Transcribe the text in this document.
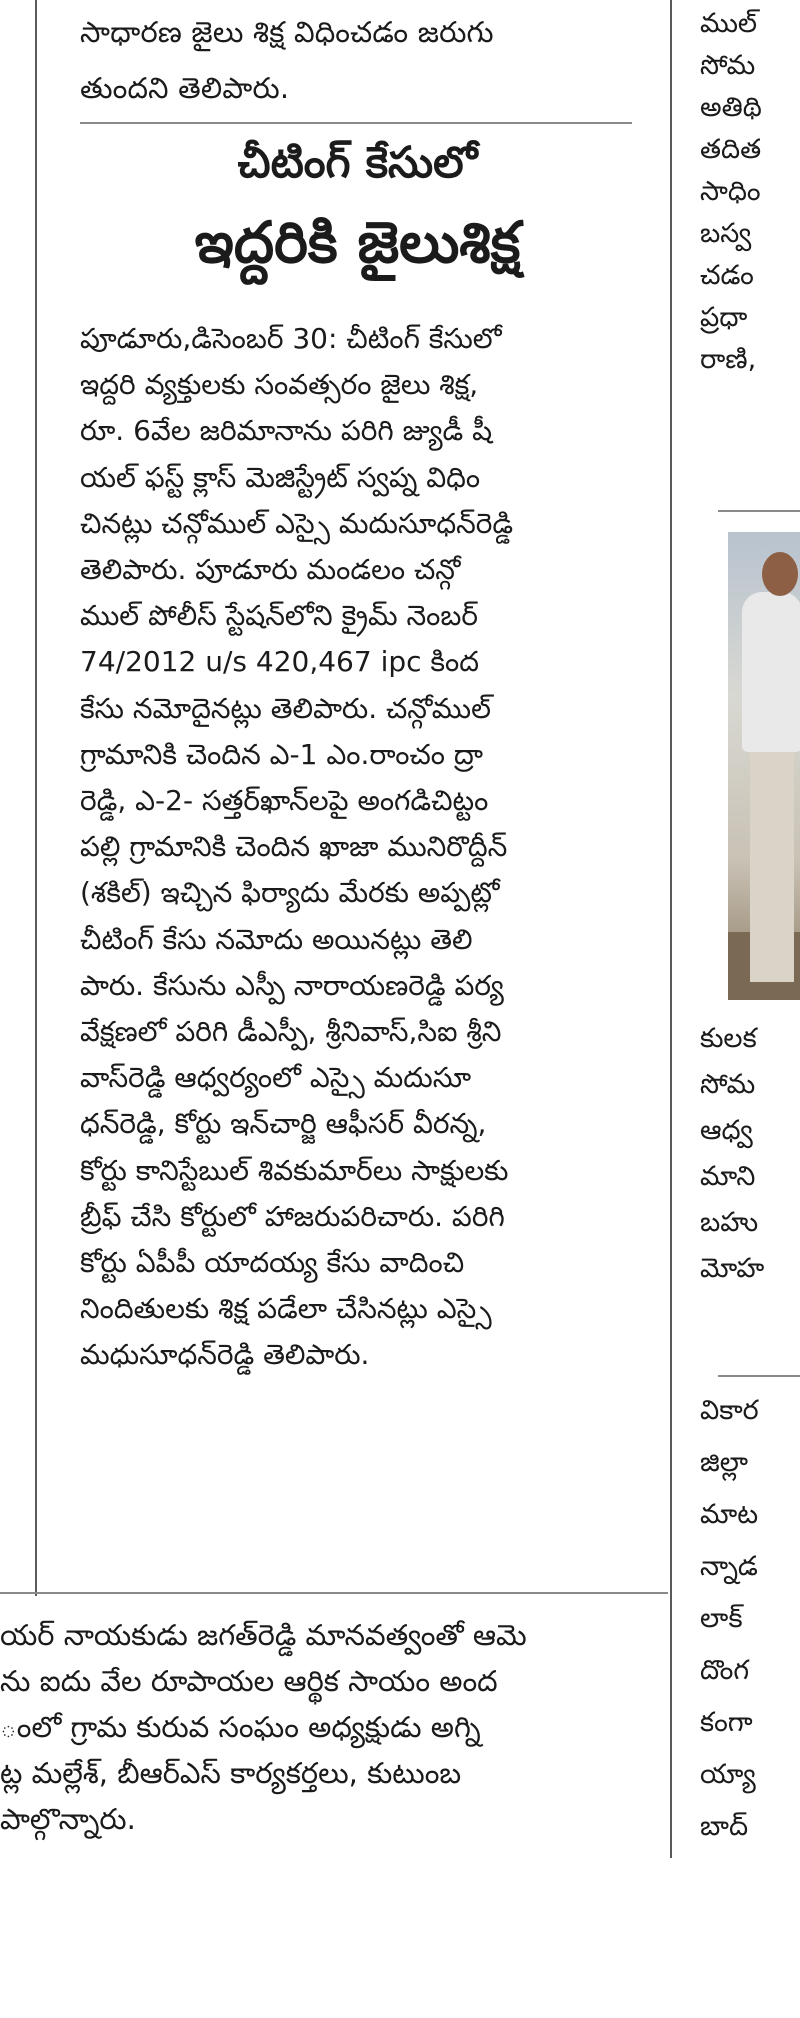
సాధారణ జైలు శిక్ష విధించడం జరుగు
తుందని తెలిపారు.
చీటింగ్ కేసులో
ఇద్దరికి జైలుశిక్ష
పూడూరు,డిసెంబర్ 30: చీటింగ్ కేసులో
ఇద్దరి వ్యక్తులకు సంవత్సరం జైలు శిక్ష,
రూ. 6వేల జరిమానాను పరిగి జ్యుడీ షీ
యల్ ఫస్ట్ క్లాస్ మెజిస్ట్రేట్ స్వప్న విధిం
చినట్లు చన్గోముల్ ఎస్సై మదుసూధన్‌రెడ్డి
తెలిపారు. పూడూరు మండలం చన్గో
ముల్ పోలీస్ స్టేషన్‌లోని క్రైమ్ నెంబర్
74/2012 u/s 420,467 ipc కింద
కేసు నమోదైనట్లు తెలిపారు. చన్గోముల్
గ్రామానికి చెందిన ఎ-1 ఎం.రాంచం ద్రా
రెడ్డి, ఎ-2- సత్తర్‌ఖాన్‌లపై అంగడిచిట్టం
పల్లి గ్రామానికి చెందిన ఖాజా మునిరొద్దీన్
(శకిల్) ఇచ్చిన ఫిర్యాదు మేరకు అప్పట్లో
చీటింగ్ కేసు నమోదు అయినట్లు తెలి
పారు. కేసును ఎస్పీ నారాయణరెడ్డి పర్య
వేక్షణలో పరిగి డీఎస్పీ, శ్రీనివాస్,సిఐ శ్రీని
వాస్‌రెడ్డి ఆధ్వర్యంలో ఎస్సై మదుసూ
ధన్‌రెడ్డి, కోర్టు ఇన్‌చార్జి ఆఫీసర్ వీరన్న,
కోర్టు కానిస్టేబుల్ శివకుమార్‌లు సాక్షులకు
బ్రీఫ్ చేసి కోర్టులో హాజరుపరిచారు. పరిగి
కోర్టు ఏపీపీ యాదయ్య కేసు వాదించి
నిందితులకు శిక్ష పడేలా చేసినట్లు ఎస్సై
మధుసూధన్‌రెడ్డి తెలిపారు.
యర్ నాయకుడు జగత్‌రెడ్డి మానవత్వంతో ఆమె
ను ఐదు వేల రూపాయల ఆర్థిక సాయం అంద
ంలో గ్రామ కురువ సంఘం అధ్యక్షుడు అగ్ని
ట్ల మల్లేశ్, బీఆర్ఎస్ కార్యకర్తలు, కుటుంబ
పాల్గొన్నారు.
ముల్
సోమ
అతిథి
తదిత
సాధిం
బస్వ
చడం
ప్రధా
రాణి,
కులక
సోమ
ఆధ్వ
మాని
బహు
మోహ
వికార
జిల్లా
మాట
న్నాడ
లాక్
దొంగ
కంగా
య్యా
బాద్
